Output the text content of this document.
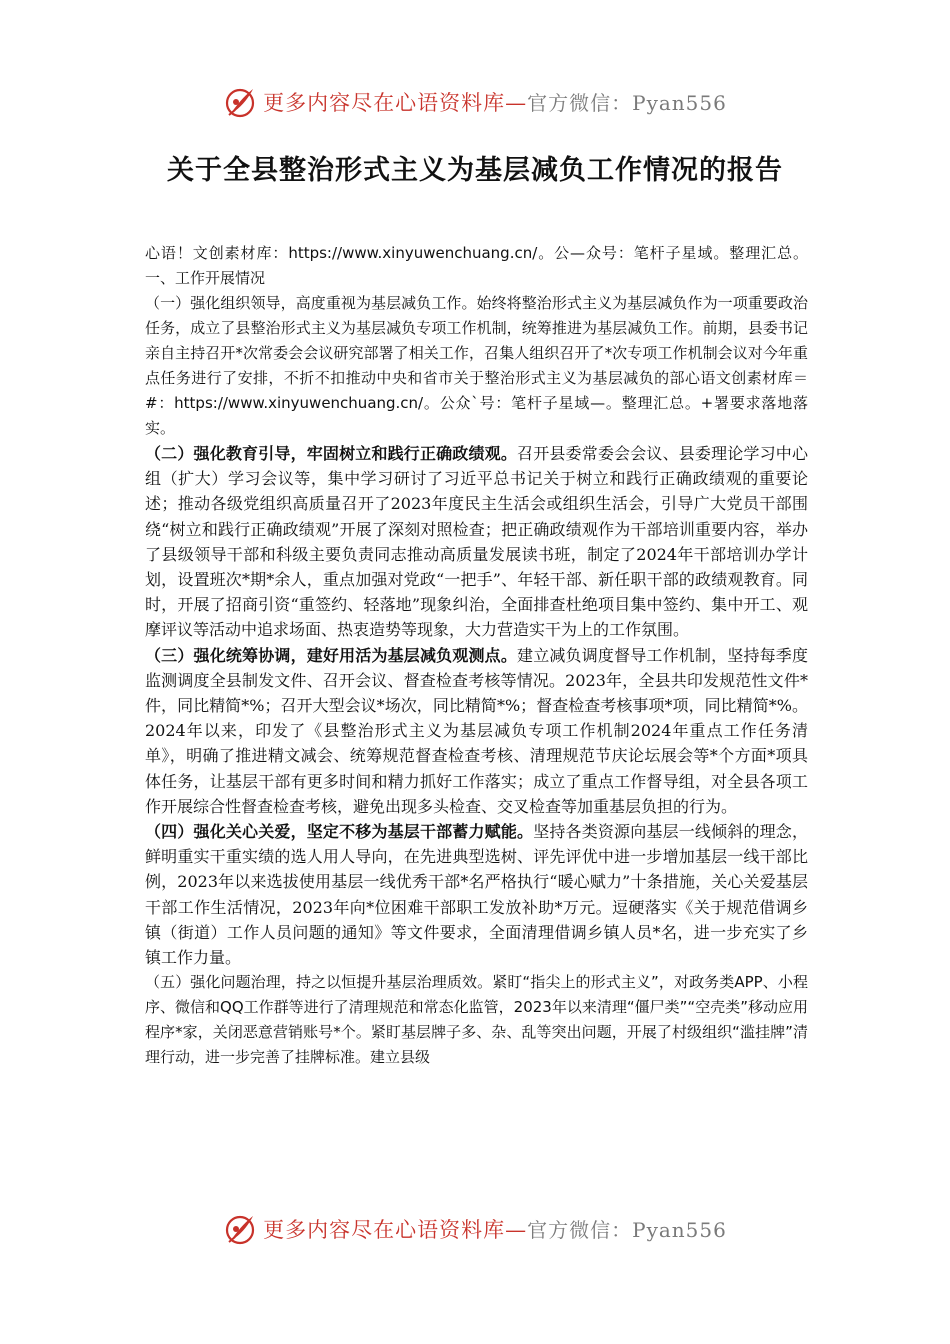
更多内容尽在心语资料库—官方微信：Pyan556
关于全县整治形式主义为基层减负工作情况的报告

心语！文创素材库：https://www.xinyuwenchuang.cn/。公—众号：笔杆子星域。整理汇总。一、工作开展情况

（一）强化组织领导，高度重视为基层减负工作。始终将整治形式主义为基层减负作为一项重要政治任务，成立了县整治形式主义为基层减负专项工作机制，统筹推进为基层减负工作。前期，县委书记亲自主持召开*次常委会会议研究部署了相关工作，召集人组织召开了*次专项工作机制会议对今年重点任务进行了安排，不折不扣推动中央和省市关于整治形式主义为基层减负的部心语文创素材库＝#：https://www.xinyuwenchuang.cn/。公众`号：笔杆子星域—。整理汇总。+署要求落地落实。

（二）强化教育引导，牢固树立和践行正确政绩观。召开县委常委会会议、县委理论学习中心组（扩大）学习会议等，集中学习研讨了习近平总书记关于树立和践行正确政绩观的重要论述；推动各级党组织高质量召开了2023年度民主生活会或组织生活会，引导广大党员干部围绕“树立和践行正确政绩观”开展了深刻对照检查；把正确政绩观作为干部培训重要内容，举办了县级领导干部和科级主要负责同志推动高质量发展读书班，制定了2024年干部培训办学计划，设置班次*期*余人，重点加强对党政“一把手”、年轻干部、新任职干部的政绩观教育。同时，开展了招商引资“重签约、轻落地”现象纠治，全面排查杜绝项目集中签约、集中开工、观摩评议等活动中追求场面、热衷造势等现象，大力营造实干为上的工作氛围。

（三）强化统筹协调，建好用活为基层减负观测点。建立减负调度督导工作机制，坚持每季度监测调度全县制发文件、召开会议、督查检查考核等情况。2023年，全县共印发规范性文件*件，同比精简*%；召开大型会议*场次，同比精简*%；督查检查考核事项*项，同比精简*%。2024年以来，印发了《县整治形式主义为基层减负专项工作机制2024年重点工作任务清单》，明确了推进精文减会、统筹规范督查检查考核、清理规范节庆论坛展会等*个方面*项具体任务，让基层干部有更多时间和精力抓好工作落实；成立了重点工作督导组，对全县各项工作开展综合性督查检查考核，避免出现多头检查、交叉检查等加重基层负担的行为。

（四）强化关心关爱，坚定不移为基层干部蓄力赋能。坚持各类资源向基层一线倾斜的理念，鲜明重实干重实绩的选人用人导向，在先进典型选树、评先评优中进一步增加基层一线干部比例，2023年以来选拔使用基层一线优秀干部*名严格执行“暖心赋力”十条措施，关心关爱基层干部工作生活情况，2023年向*位困难干部职工发放补助*万元。逗硬落实《关于规范借调乡镇（街道）工作人员问题的通知》等文件要求，全面清理借调乡镇人员*名，进一步充实了乡镇工作力量。

（五）强化问题治理，持之以恒提升基层治理质效。紧盯“指尖上的形式主义”，对政务类APP、小程序、微信和QQ工作群等进行了清理规范和常态化监管，2023年以来清理“僵尸类”“空壳类”移动应用程序*家，关闭恶意营销账号*个。紧盯基层牌子多、杂、乱等突出问题，开展了村级组织“滥挂牌”清理行动，进一步完善了挂牌标准。建立县级

更多内容尽在心语资料库—官方微信：Pyan556
